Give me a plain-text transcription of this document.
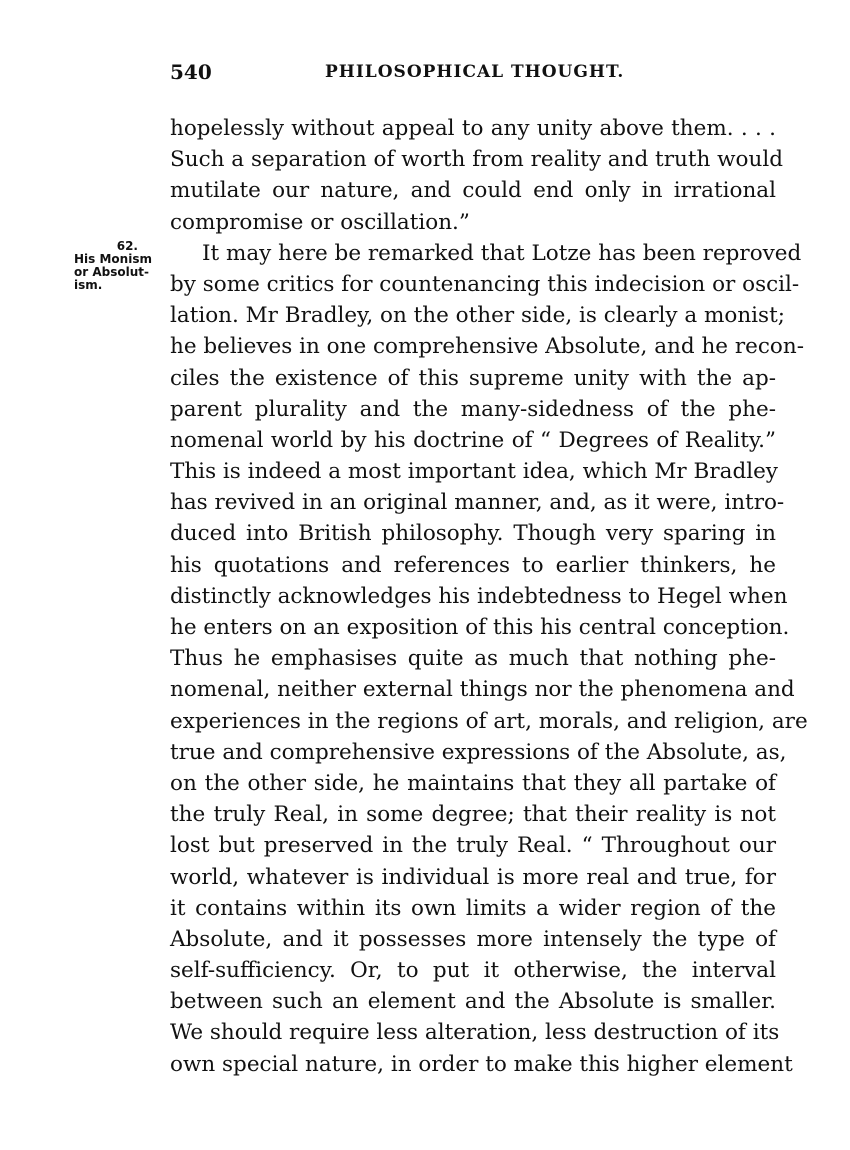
540	PHILOSOPHICAL THOUGHT.
62.
His Monism
or Absolut-
ism.
hopelessly without appeal to any unity above them. . . .
Such a separation of worth from reality and truth would
mutilate our nature, and could end only in irrational
compromise or oscillation.”
It may here be remarked that Lotze has been reproved
by some critics for countenancing this indecision or oscil-
lation. Mr Bradley, on the other side, is clearly a monist;
he believes in one comprehensive Absolute, and he recon-
ciles the existence of this supreme unity with the ap-
parent plurality and the many-sidedness of the phe-
nomenal world by his doctrine of “ Degrees of Reality.”
This is indeed a most important idea, which Mr Bradley
has revived in an original manner, and, as it were, intro-
duced into British philosophy. Though very sparing in
his quotations and references to earlier thinkers, he
distinctly acknowledges his indebtedness to Hegel when
he enters on an exposition of this his central conception.
Thus he emphasises quite as much that nothing phe-
nomenal, neither external things nor the phenomena and
experiences in the regions of art, morals, and religion, are
true and comprehensive expressions of the Absolute, as,
on the other side, he maintains that they all partake of
the truly Real, in some degree; that their reality is not
lost but preserved in the truly Real. “ Throughout our
world, whatever is individual is more real and true, for
it contains within its own limits a wider region of the
Absolute, and it possesses more intensely the type of
self-sufficiency. Or, to put it otherwise, the interval
between such an element and the Absolute is smaller.
We should require less alteration, less destruction of its
own special nature, in order to make this higher element
